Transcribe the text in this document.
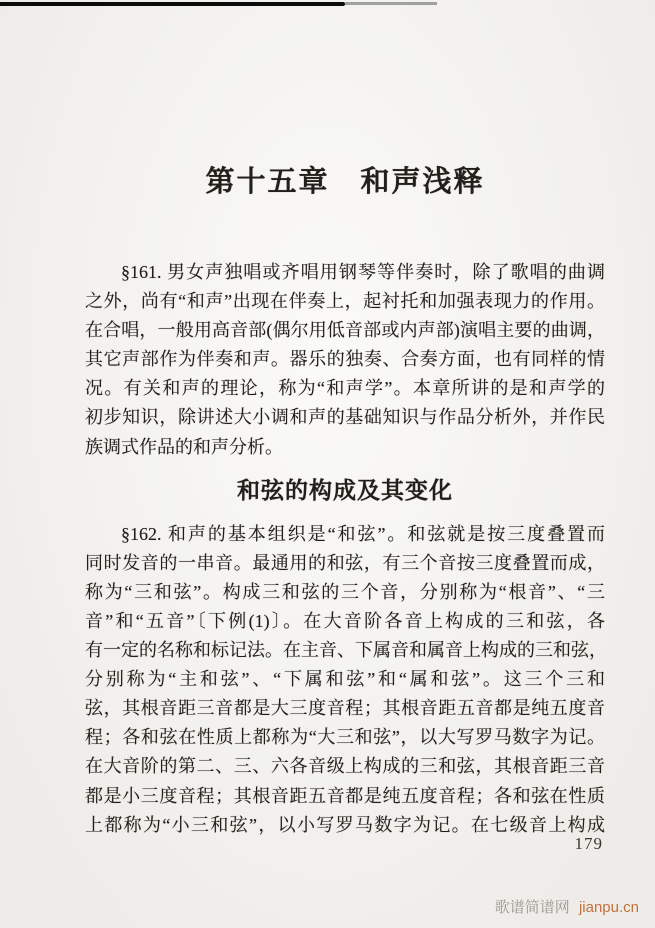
第十五章　和声浅释
§161. 男女声独唱或齐唱用钢琴等伴奏时，除了歌唱的曲调
之外，尚有“和声”出现在伴奏上，起衬托和加强表现力的作用。
在合唱，一般用高音部(偶尔用低音部或内声部)演唱主要的曲调，
其它声部作为伴奏和声。器乐的独奏、合奏方面，也有同样的情
况。有关和声的理论，称为“和声学”。本章所讲的是和声学的
初步知识，除讲述大小调和声的基础知识与作品分析外，并作民
族调式作品的和声分析。
和弦的构成及其变化
§162. 和声的基本组织是“和弦”。和弦就是按三度叠置而
同时发音的一串音。最通用的和弦，有三个音按三度叠置而成，
称为“三和弦”。构成三和弦的三个音，分别称为“根音”、“三
音”和“五音”〔下例(1)〕。在大音阶各音上构成的三和弦，各
有一定的名称和标记法。在主音、下属音和属音上构成的三和弦，
分别称为“主和弦”、“下属和弦”和“属和弦”。这三个三和
弦，其根音距三音都是大三度音程；其根音距五音都是纯五度音
程；各和弦在性质上都称为“大三和弦”，以大写罗马数字为记。
在大音阶的第二、三、六各音级上构成的三和弦，其根音距三音
都是小三度音程；其根音距五音都是纯五度音程；各和弦在性质
上都称为“小三和弦”，以小写罗马数字为记。在七级音上构成
179
歌谱简谱网 jianpu.cn
